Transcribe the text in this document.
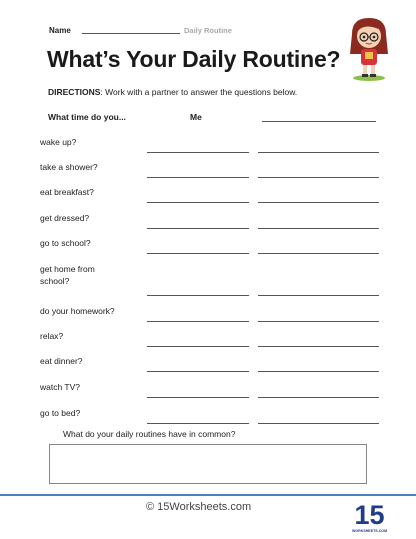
Name	Daily Routine
What’s Your Daily Routine?
DIRECTIONS: Work with a partner to answer the questions below.
What time do you...	Me
wake up?
take a shower?
eat breakfast?
get dressed?
go to school?
get home from school?
do your homework?
relax?
eat dinner?
watch TV?
go to bed?
What do your daily routines have in common?
© 15Worksheets.com	15
WORKSHEETS.COM
